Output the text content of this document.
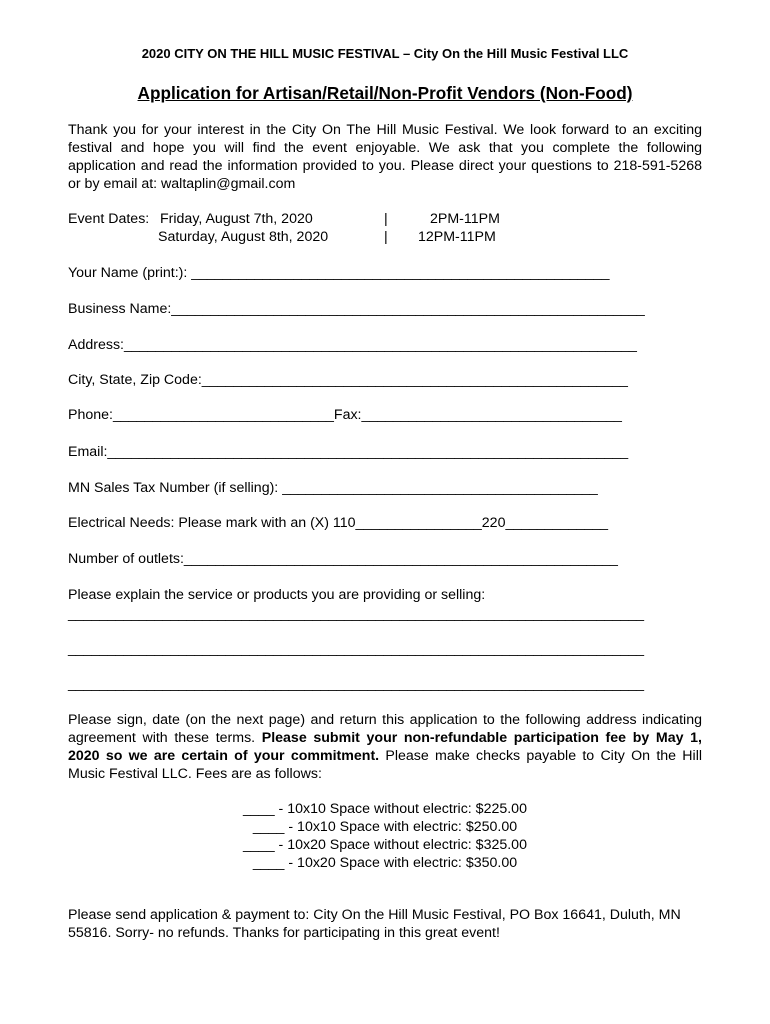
2020 CITY ON THE HILL MUSIC FESTIVAL – City On the Hill Music Festival LLC
Application for Artisan/Retail/Non-Profit Vendors (Non-Food)
Thank you for your interest in the City On The Hill Music Festival. We look forward to an exciting festival and hope you will find the event enjoyable. We ask that you complete the following application and read the information provided to you. Please direct your questions to 218-591-5268 or by email at: waltaplin@gmail.com
Event Dates: Friday, August 7th, 2020
Saturday, August 8th, 2020
|
|
2PM-11PM
12PM-11PM
Your Name (print:): _____________________________________________________
Business Name:____________________________________________________________
Address:_________________________________________________________________
City, State, Zip Code:______________________________________________________
Phone:____________________________Fax:_________________________________
Email:__________________________________________________________________
MN Sales Tax Number (if selling): ________________________________________
Electrical Needs: Please mark with an (X) 110________________220_____________
Number of outlets:_______________________________________________________
Please explain the service or products you are providing or selling:
_________________________________________________________________________
_________________________________________________________________________
_________________________________________________________________________
Please sign, date (on the next page) and return this application to the following address indicating agreement with these terms. Please submit your non-refundable participation fee by May 1, 2020 so we are certain of your commitment. Please make checks payable to City On the Hill Music Festival LLC. Fees are as follows:
____ - 10x10 Space without electric: $225.00
____ - 10x10 Space with electric: $250.00
____ - 10x20 Space without electric: $325.00
____ - 10x20 Space with electric: $350.00
Please send application & payment to: City On the Hill Music Festival, PO Box 16641, Duluth, MN 55816. Sorry- no refunds. Thanks for participating in this great event!
